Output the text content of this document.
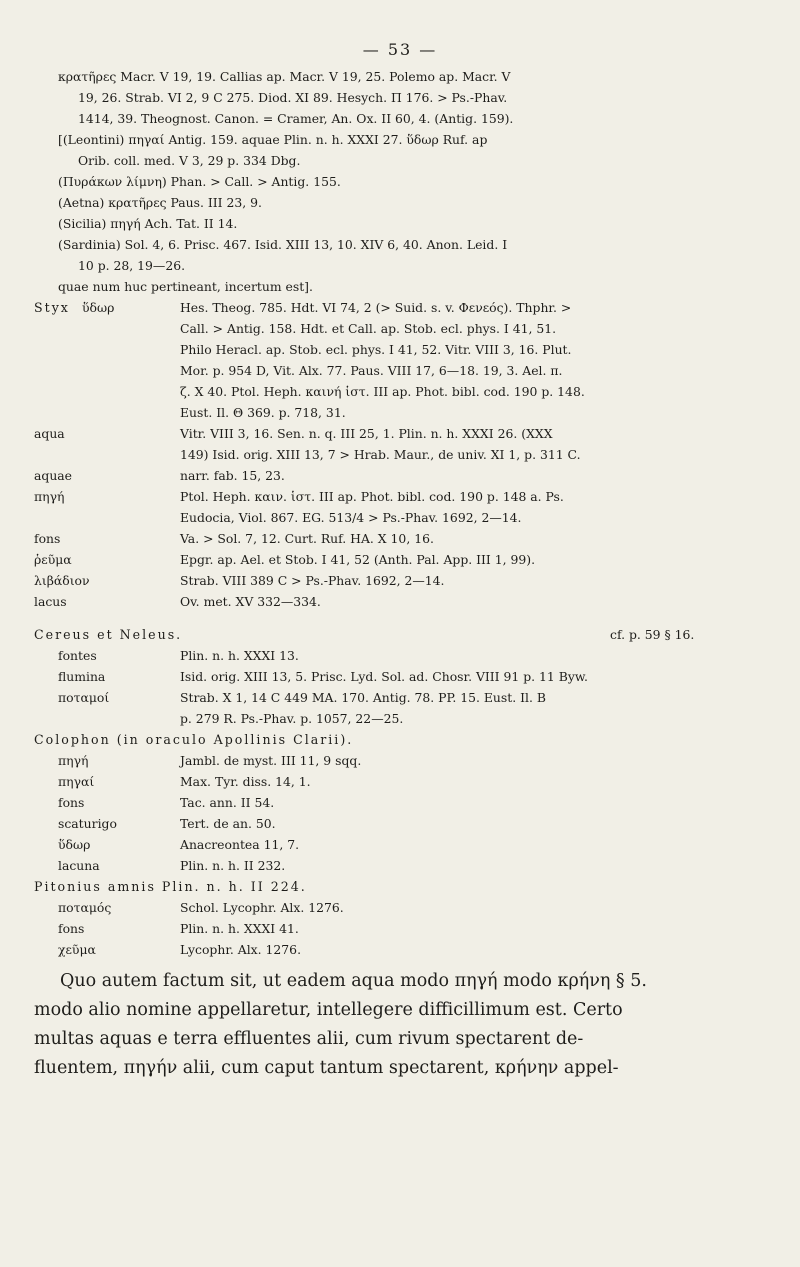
— 53 —
κρατῆρες Macr. V 19, 19. Callias ap. Macr. V 19, 25. Polemo ap. Macr. V
19, 26. Strab. VI 2, 9 C 275. Diod. XI 89. Hesych. Π 176. > Ps.-Phav.
1414, 39. Theognost. Canon. = Cramer, An. Ox. II 60, 4. (Antig. 159).
[(Leontini) πηγαί Antig. 159. aquae Plin. n. h. XXXI 27. ὕδωρ Ruf. ap
Orib. coll. med. V 3, 29 p. 334 Dbg.
(Πυράκων λίμνη) Phan. > Call. > Antig. 155.
(Aetna) κρατῆρες Paus. III 23, 9.
(Sicilia) πηγή Ach. Tat. II 14.
(Sardinia) Sol. 4, 6. Prisc. 467. Isid. XIII 13, 10. XIV 6, 40. Anon. Leid. I
10 p. 28, 19—26.
quae num huc pertineant, incertum est].
Styx ὕδωρ	Hes. Theog. 785. Hdt. VI 74, 2 (> Suid. s. v. Φενεός). Thphr. >
Call. > Antig. 158. Hdt. et Call. ap. Stob. ecl. phys. I 41, 51.
Philo Heracl. ap. Stob. ecl. phys. I 41, 52. Vitr. VIII 3, 16. Plut.
Mor. p. 954 D, Vit. Alx. 77. Paus. VIII 17, 6—18. 19, 3. Ael. π.
ζ. X 40. Ptol. Heph. καινή ἱστ. III ap. Phot. bibl. cod. 190 p. 148.
Eust. Il. Θ 369. p. 718, 31.
aqua	Vitr. VIII 3, 16. Sen. n. q. III 25, 1. Plin. n. h. XXXI 26. (XXX
149) Isid. orig. XIII 13, 7 > Hrab. Maur., de univ. XI 1, p. 311 C.
aquae	narr. fab. 15, 23.
πηγή	Ptol. Heph. καιν. ἱστ. III ap. Phot. bibl. cod. 190 p. 148 a. Ps.
Eudocia, Viol. 867. EG. 513/4 > Ps.-Phav. 1692, 2—14.
fons	Va. > Sol. 7, 12. Curt. Ruf. HA. X 10, 16.
ῥεῦμα	Epgr. ap. Ael. et Stob. I 41, 52 (Anth. Pal. App. III 1, 99).
λιβάδιον	Strab. VIII 389 C > Ps.-Phav. 1692, 2—14.
lacus	Ov. met. XV 332—334.
Cereus et Neleus.
fontes	Plin. n. h. XXXI 13.
flumina	Isid. orig. XIII 13, 5. Prisc. Lyd. Sol. ad. Chosr. VIII 91 p. 11 Byw.
ποταμοί	Strab. X 1, 14 C 449 MA. 170. Antig. 78. PP. 15. Eust. Il. B
p. 279 R. Ps.-Phav. p. 1057, 22—25.
cf. p. 59 § 16.
Colophon (in oraculo Apollinis Clarii).
πηγή	Jambl. de myst. III 11, 9 sqq.
πηγαί	Max. Tyr. diss. 14, 1.
fons	Tac. ann. II 54.
scaturigo	Tert. de an. 50.
ὕδωρ	Anacreontea 11, 7.
lacuna	Plin. n. h. II 232.
Pitonius amnis Plin. n. h. II 224.
ποταμός	Schol. Lycophr. Alx. 1276.
fons	Plin. n. h. XXXI 41.
χεῦμα	Lycophr. Alx. 1276.
Quo autem factum sit, ut eadem aqua modo πηγή modo κρήνη § 5.
modo alio nomine appellaretur, intellegere difficillimum est. Certo
multas aquas e terra effluentes alii, cum rivum spectarent de-
fluentem, πηγήν alii, cum caput tantum spectarent, κρήνην appel-
